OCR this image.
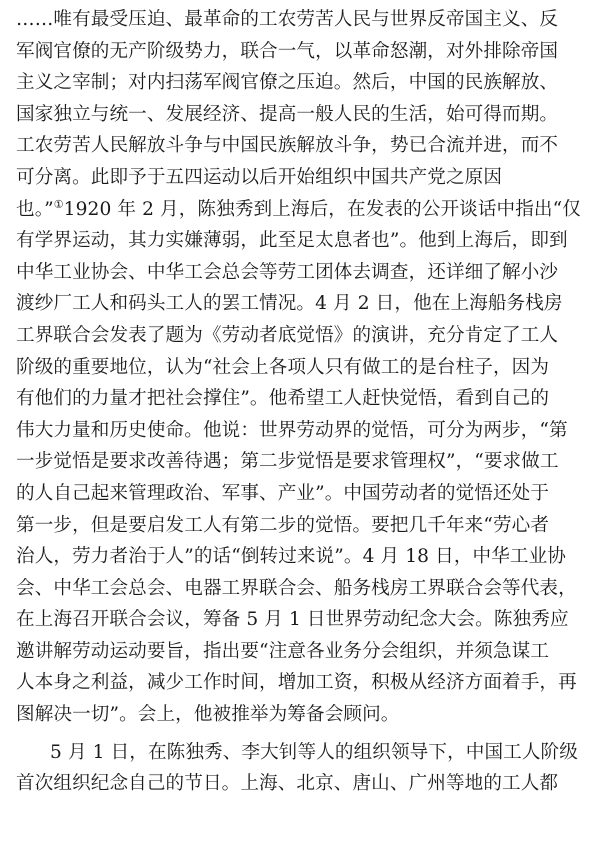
……唯有最受压迫、最革命的工农劳苦人民与世界反帝国主义、反
军阀官僚的无产阶级势力，联合一气，以革命怒潮，对外排除帝国
主义之宰制；对内扫荡军阀官僚之压迫。然后，中国的民族解放、
国家独立与统一、发展经济、提高一般人民的生活，始可得而期。
工农劳苦人民解放斗争与中国民族解放斗争，势已合流并进，而不
可分离。此即予于五四运动以后开始组织中国共产党之原因
也。”①1920 年 2 月，陈独秀到上海后，在发表的公开谈话中指出“仅
有学界运动，其力实嫌薄弱，此至足太息者也”。他到上海后，即到
中华工业协会、中华工会总会等劳工团体去调查，还详细了解小沙
渡纱厂工人和码头工人的罢工情况。4 月 2 日，他在上海船务栈房
工界联合会发表了题为《劳动者底觉悟》的演讲，充分肯定了工人
阶级的重要地位，认为“社会上各项人只有做工的是台柱子，因为
有他们的力量才把社会撑住”。他希望工人赶快觉悟，看到自己的
伟大力量和历史使命。他说：世界劳动界的觉悟，可分为两步，“第
一步觉悟是要求改善待遇；第二步觉悟是要求管理权”，“要求做工
的人自己起来管理政治、军事、产业”。中国劳动者的觉悟还处于
第一步，但是要启发工人有第二步的觉悟。要把几千年来“劳心者
治人，劳力者治于人”的话“倒转过来说”。4 月 18 日，中华工业协
会、中华工会总会、电器工界联合会、船务栈房工界联合会等代表，
在上海召开联合会议，筹备 5 月 1 日世界劳动纪念大会。陈独秀应
邀讲解劳动运动要旨，指出要“注意各业务分会组织，并须急谋工
人本身之利益，减少工作时间，增加工资，积极从经济方面着手，再
图解决一切”。会上，他被推举为筹备会顾问。
5 月 1 日，在陈独秀、李大钊等人的组织领导下，中国工人阶级
首次组织纪念自己的节日。上海、北京、唐山、广州等地的工人都
